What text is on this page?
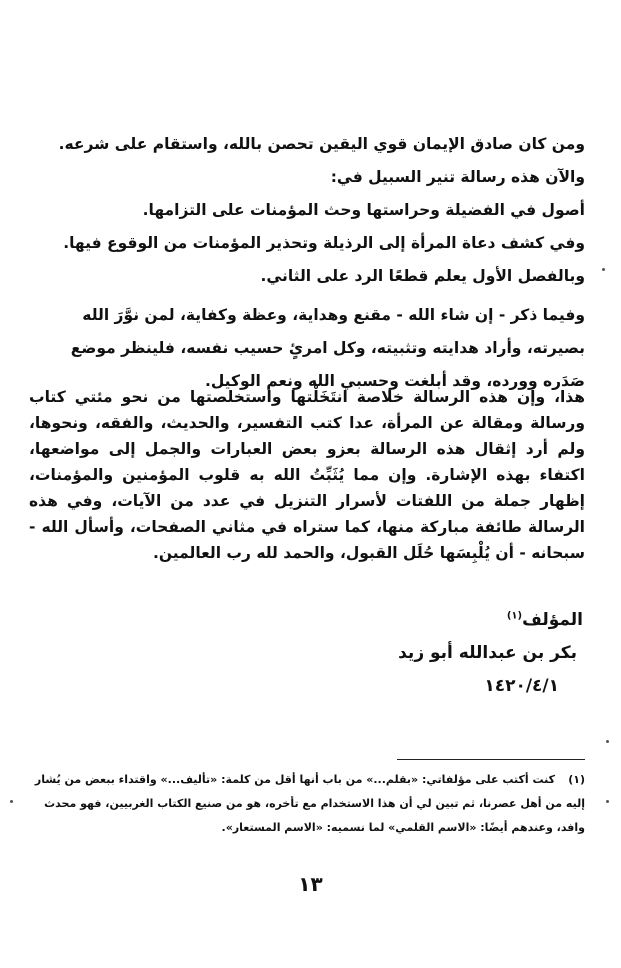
ومن كان صادق الإيمان قوي اليقين تحصن بالله، واستقام على شرعه.
والآن هذه رسالة تنير السبيل في:
أصول في الفضيلة وحراستها وحث المؤمنات على التزامها.
وفي كشف دعاة المرأة إلى الرذيلة وتحذير المؤمنات من الوقوع فيها.
وبالفصل الأول يعلم قطعًا الرد على الثاني.
وفيما ذكر - إن شاء الله - مقنع وهداية، وعظة وكفاية، لمن نوَّرَ الله
بصيرته، وأراد هدايته وتثبيته، وكل امرئٍ حسيب نفسه، فلينظر موضع
صَدَره وورده، وقد أبلغت وحسبي الله ونعم الوكيل.
هذا، وإن هذه الرسالة خلاصة انتَخَلْتها واستخلصتها من نحو مئتي كتاب ورسالة ومقالة عن المرأة، عدا كتب التفسير، والحديث، والفقه، ونحوها، ولم أرد إثقال هذه الرسالة بعزو بعض العبارات والجمل إلى مواضعها، اكتفاء بهذه الإشارة. وإن مما يُثَبِّتُ الله به قلوب المؤمنين والمؤمنات، إظهار جملة من اللفتات لأسرار التنزيل في عدد من الآيات، وفي هذه الرسالة طائفة مباركة منها، كما ستراه في مثاني الصفحات، وأسأل الله - سبحانه - أن يُلْبِسَها حُلَل القبول، والحمد لله رب العالمين.
المؤلف$^{(١)}$
بكر بن عبدالله أبو زيد
١٤٢٠/٤/١
(١)كنت أكتب على مؤلفاتي: «بقلم...» من باب أنها أقل من كلمة: «تأليف...» واقتداء ببعض من يُشار إليه من أهل عصرنا، ثم تبين لي أن هذا الاستخدام مع تأخره، هو من صنيع الكتاب الغربيين، فهو محدث وافد، وعندهم أيضًا: «الاسم القلمي» لما نسميه: «الاسم المستعار».
١٣
